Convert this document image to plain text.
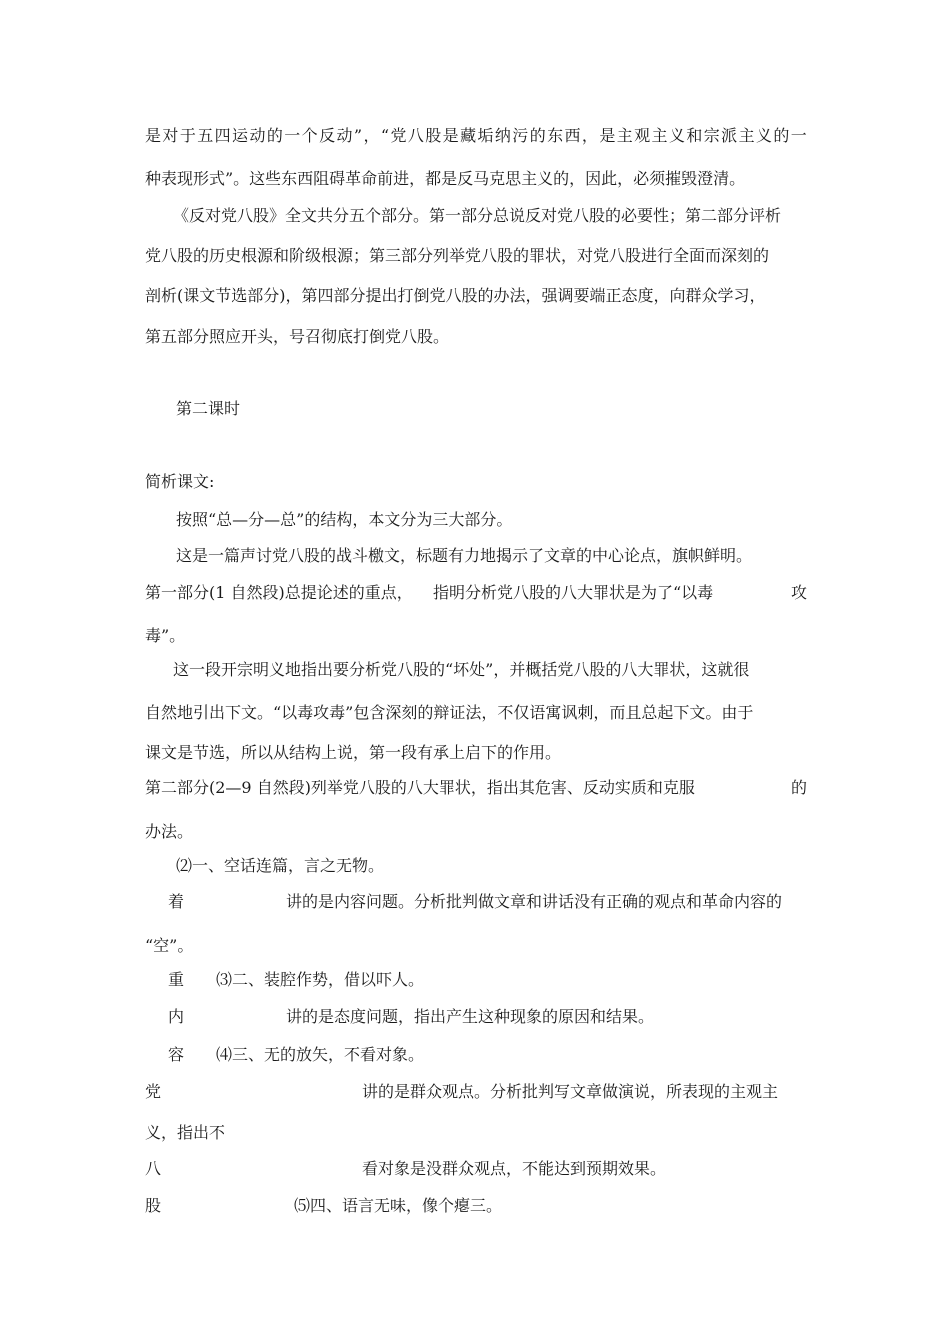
是 对 于 五 四 运 动 的 一 个 反 动 ” ， “ 党 八 股 是 藏 垢 纳 污 的 东 西 ， 是 主 观 主 义 和 宗 派 主 义 的 一
种表现形式”。这些东西阻碍革命前进，都是反马克思主义的，因此，必须摧毁澄清。
《反对党八股》全文共分五个部分。第一部分总说反对党八股的必要性；第二部分评析
党八股的历史根源和阶级根源；第三部分列举党八股的罪状，对党八股进行全面而深刻的
剖析(课文节选部分)，第四部分提出打倒党八股的办法，强调要端正态度，向群众学习，
第五部分照应开头，号召彻底打倒党八股。
第二课时
简析课文:
按照“总—分—总”的结构，本文分为三大部分。
这是一篇声讨党八股的战斗檄文，标题有力地揭示了文章的中心论点，旗帜鲜明。
第一部分(1 自然段)总提论述的重点， 指明分析党八股的八大罪状是为了“以毒	攻
毒”。
这一段开宗明义地指出要分析党八股的“坏处”，并概括党八股的八大罪状，这就很
自然地引出下文。“以毒攻毒”包含深刻的辩证法，不仅语寓讽刺，而且总起下文。由于
课文是节选，所以从结构上说，第一段有承上启下的作用。
第二部分(2—9 自然段)列举党八股的八大罪状，指出其危害、反动实质和克服	的
办法。
⑵一、空话连篇，言之无物。
着	讲的是内容问题。分析批判做文章和讲话没有正确的观点和革命内容的
“空”。
重 ⑶二、装腔作势，借以吓人。
内	讲的是态度问题，指出产生这种现象的原因和结果。
容 ⑷三、无的放矢，不看对象。
党	讲的是群众观点。分析批判写文章做演说，所表现的主观主
义，指出不
八	看对象是没群众观点，不能达到预期效果。
股	⑸四、语言无味，像个瘪三。
